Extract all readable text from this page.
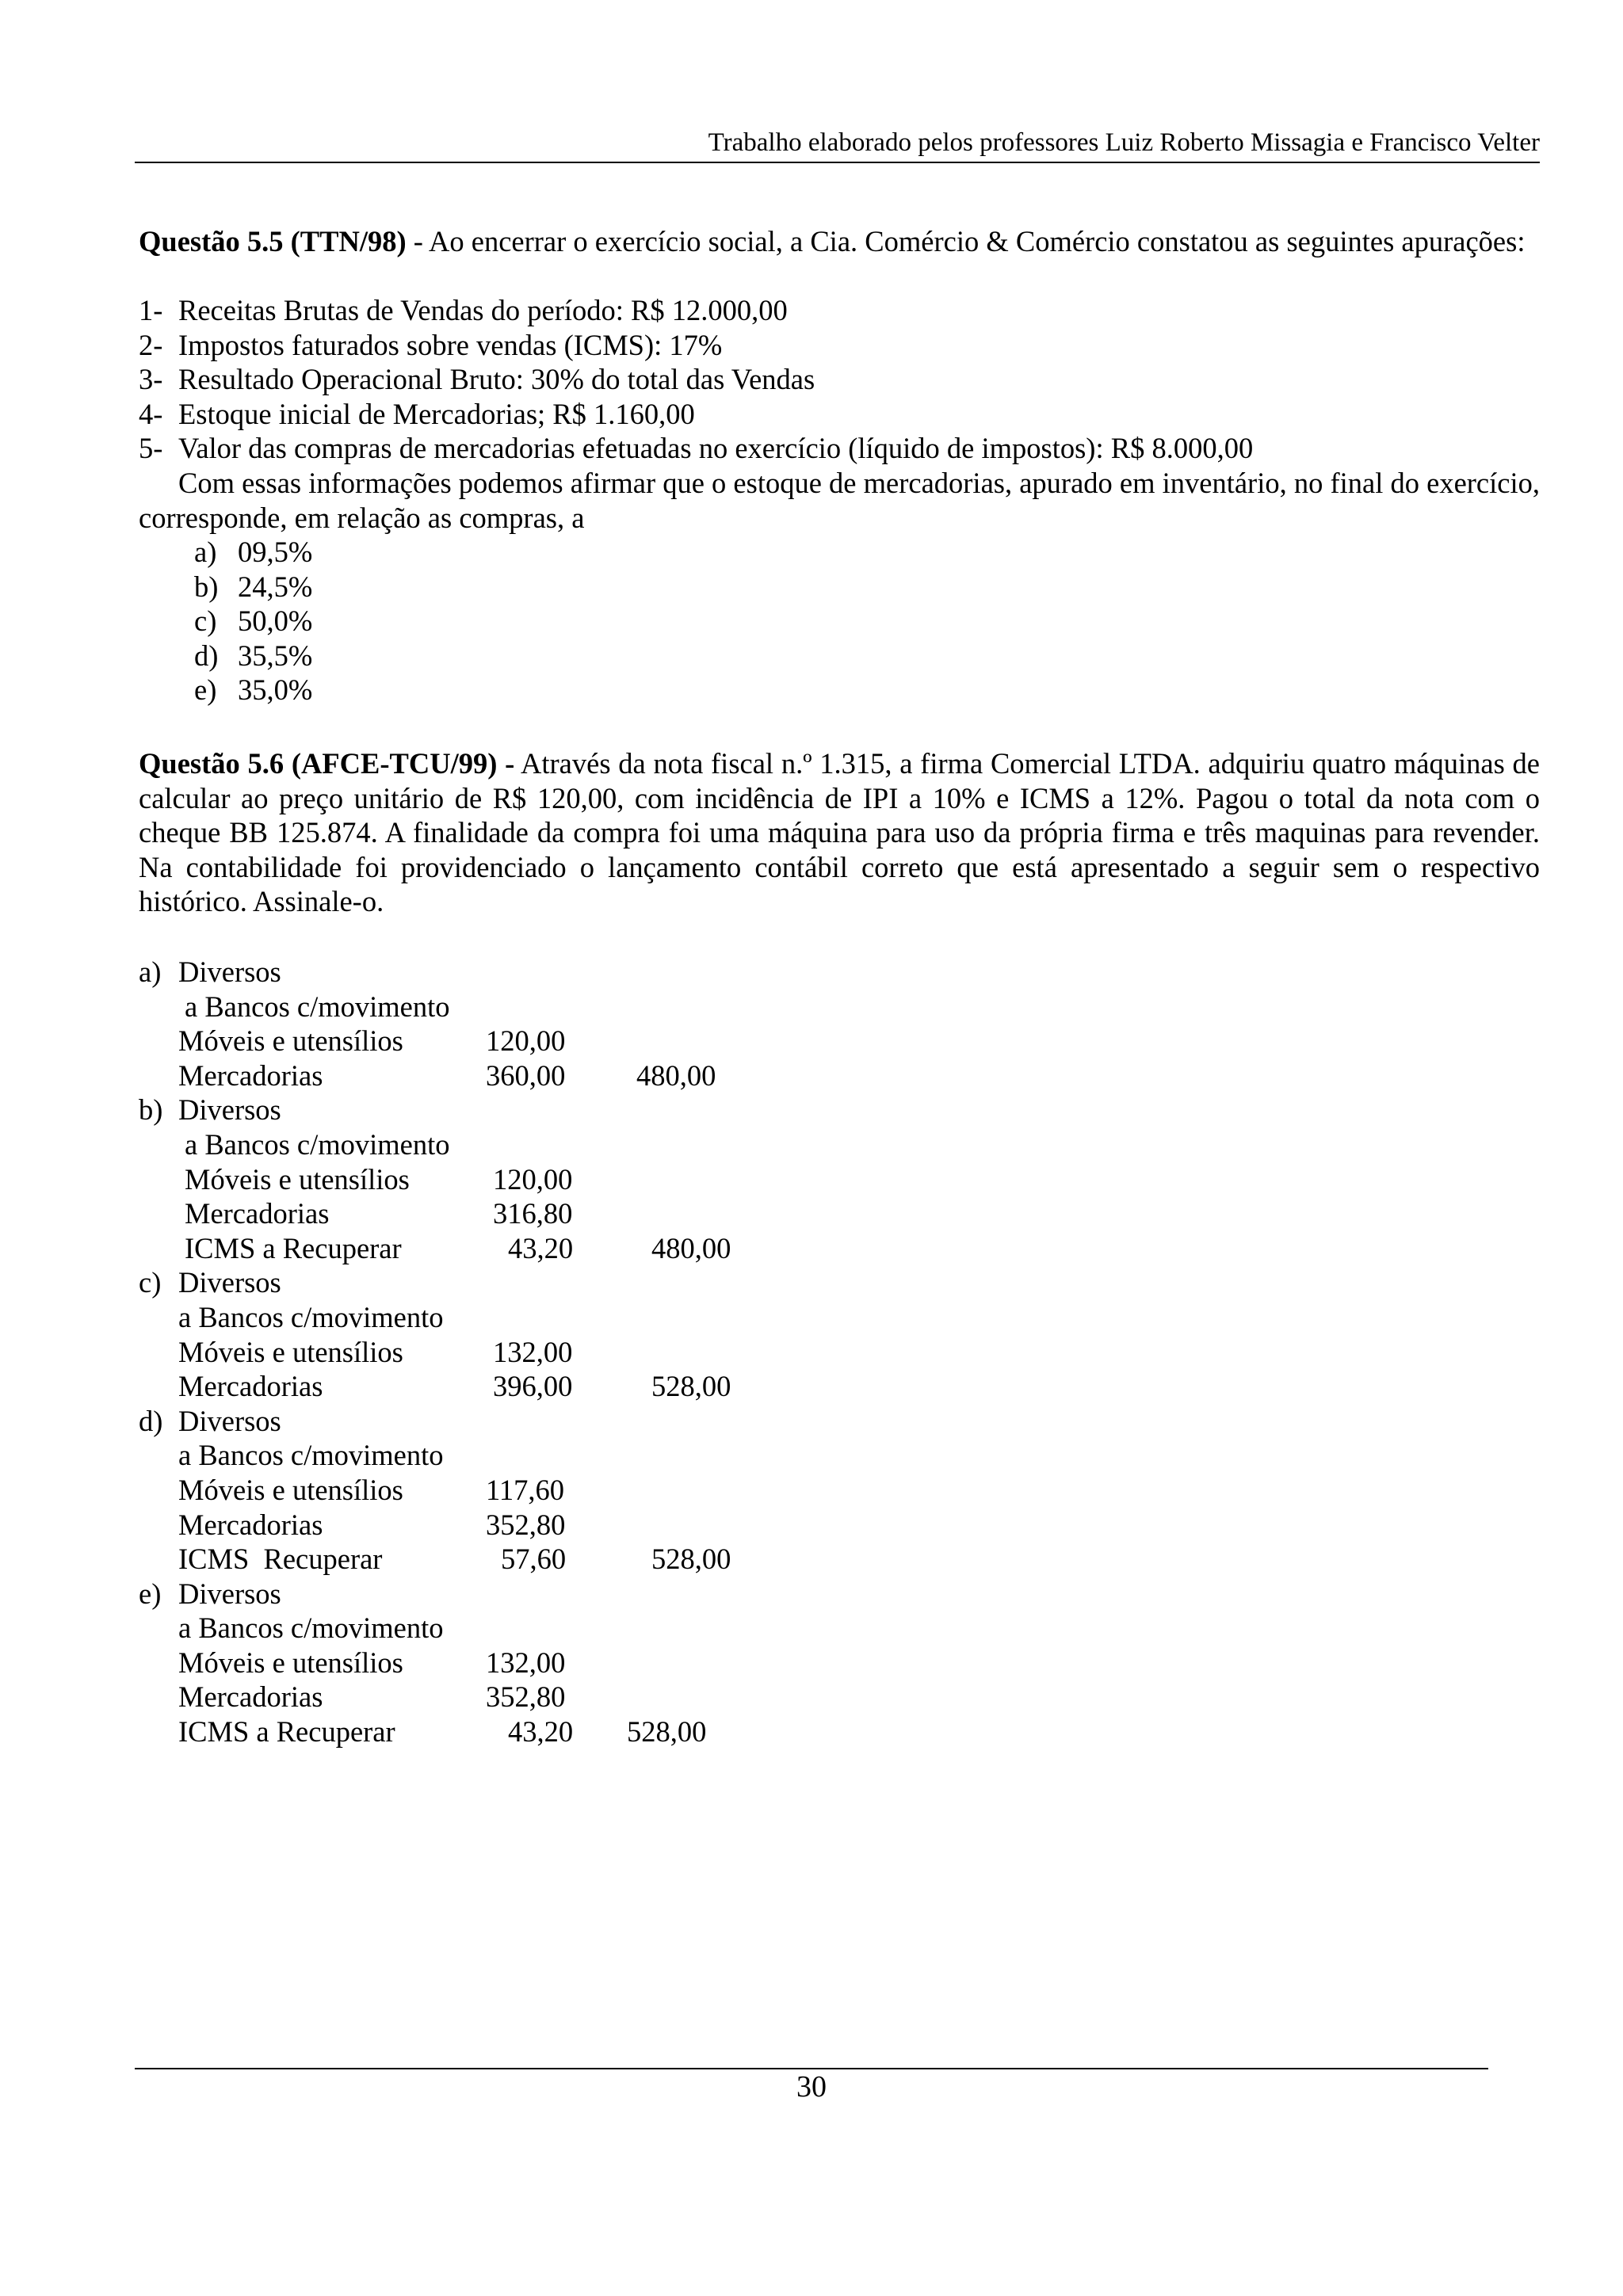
Trabalho elaborado pelos professores Luiz Roberto Missagia e Francisco Velter
Questão 5.5 (TTN/98) - Ao encerrar o exercício social, a Cia. Comércio & Comércio constatou as seguintes apurações:
1- Receitas Brutas de Vendas do período: R$ 12.000,00
2- Impostos faturados sobre vendas (ICMS): 17%
3- Resultado Operacional Bruto: 30% do total das Vendas
4- Estoque inicial de Mercadorias; R$ 1.160,00
5- Valor das compras de mercadorias efetuadas no exercício (líquido de impostos): R$ 8.000,00
Com essas informações podemos afirmar que o estoque de mercadorias, apurado em inventário, no final do exercício, corresponde, em relação as compras, a
a) 09,5%
b) 24,5%
c) 50,0%
d) 35,5%
e) 35,0%
Questão 5.6 (AFCE-TCU/99) - Através da nota fiscal n.º 1.315, a firma Comercial LTDA. adquiriu quatro máquinas de calcular ao preço unitário de R$ 120,00, com incidência de IPI a 10% e ICMS a 12%. Pagou o total da nota com o cheque BB 125.874. A finalidade da compra foi uma máquina para uso da própria firma e três maquinas para revender. Na contabilidade foi providenciado o lançamento contábil correto que está apresentado a seguir sem o respectivo histórico. Assinale-o.
a) Diversos
a Bancos c/movimento
Móveis e utensílios	120,00
Mercadorias	360,00 480,00
b) Diversos
a Bancos c/movimento
Móveis e utensílios	120,00
Mercadorias	316,80
ICMS a Recuperar	43,20	480,00
c) Diversos
a Bancos c/movimento
Móveis e utensílios	132,00
Mercadorias	396,00	528,00
d) Diversos
a Bancos c/movimento
Móveis e utensílios	117,60
Mercadorias	352,80
ICMS  Recuperar	57,60	528,00
e) Diversos
a Bancos c/movimento
Móveis e utensílios	132,00
Mercadorias	352,80
ICMS a Recuperar	43,20 528,00
30
